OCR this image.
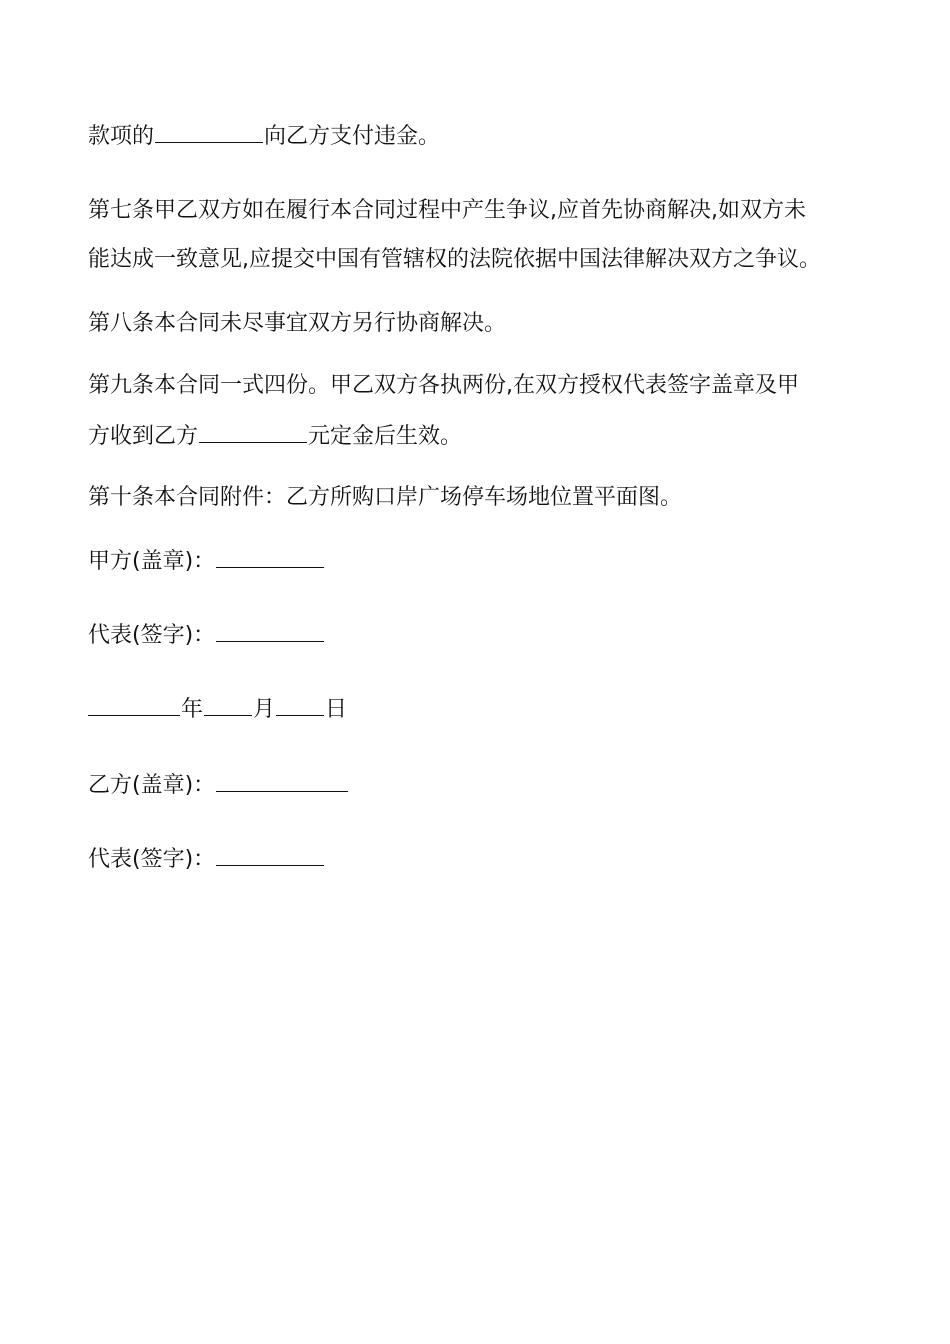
款项的	向乙方支付违金。
第七条甲乙双方如在履行本合同过程中产生争议,应首先协商解决,如双方未
能达成一致意见,应提交中国有管辖权的法院依据中国法律解决双方之争议。
第八条本合同未尽事宜双方另行协商解决。
第九条本合同一式四份。甲乙双方各执两份,在双方授权代表签字盖章及甲
方收到乙方	元定金后生效。
第十条本合同附件：乙方所购口岸广场停车场地位置平面图。
甲方(盖章)：
代表(签字)：
年 月 日
乙方(盖章)：
代表(签字)：
